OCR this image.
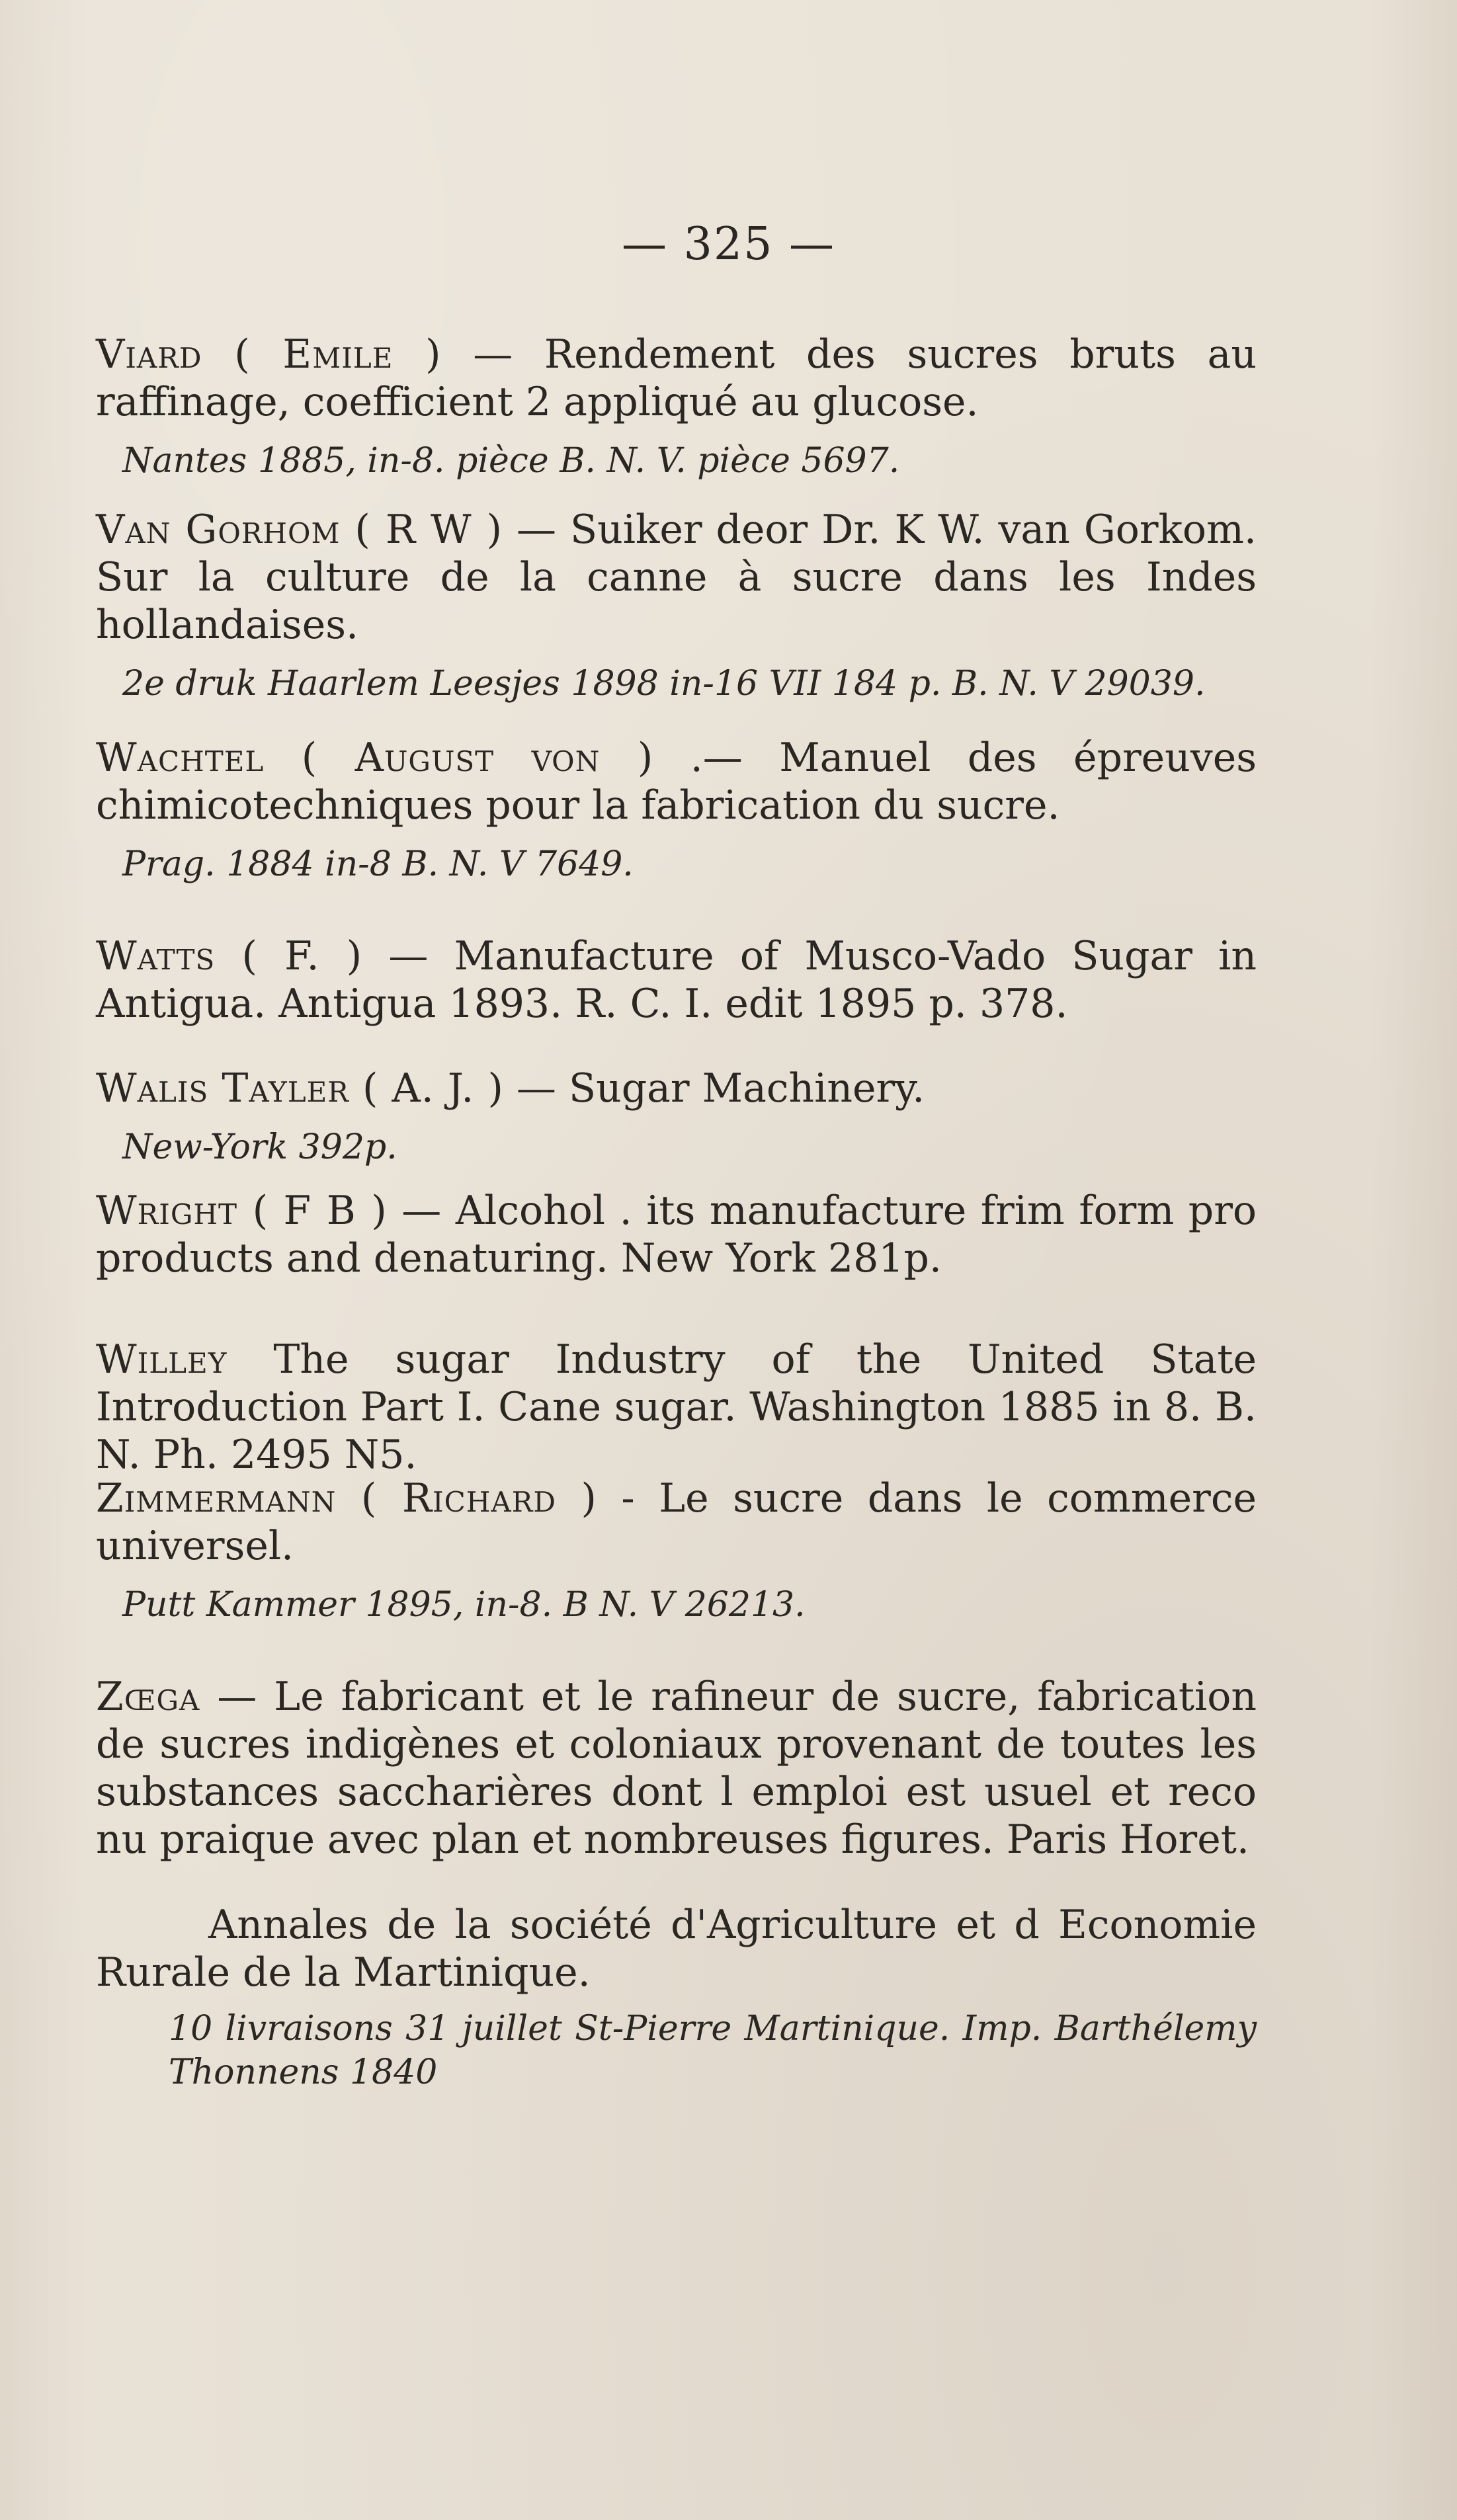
— 325 —

Viard ( Emile ) — Rendement des sucres bruts au raffinage, coefficient 2 appliqué au glucose.

Nantes 1885, in-8. pièce B. N. V. pièce 5697.

Van Gorhom ( R W ) — Suiker deor Dr. K W. van Gorkom. Sur la culture de la canne à sucre dans les Indes hollandaises.

2e druk Haarlem Leesjes 1898 in-16 VII 184 p. B. N. V 29039.

Wachtel ( August von ) .— Manuel des épreuves chimicotechniques pour la fabrication du sucre.

Prag. 1884 in-8 B. N. V 7649.

Watts ( F. ) — Manufacture of Musco-Vado Sugar in Antigua. Antigua 1893. R. C. I. edit 1895 p. 378.

Walis Tayler ( A. J. ) — Sugar Machinery.

New-York 392p.

Wright ( F B ) — Alcohol . its manufacture frim form pro products and denaturing. New York 281p.

Willey The sugar Industry of the United State Introduction Part I. Cane sugar. Washington 1885 in 8. B. N. Ph. 2495 N5.

Zimmermann ( Richard ) - Le sucre dans le commerce universel.

Putt Kammer 1895, in-8. B N. V 26213.

Zœga — Le fabricant et le rafineur de sucre, fabrication de sucres indigènes et coloniaux provenant de toutes les substances saccharières dont l emploi est usuel et reco nu praique avec plan et nombreuses figures. Paris Horet.

Annales de la société d'Agriculture et d Economie Rurale de la Martinique.

10 livraisons 31 juillet St-Pierre Martinique. Imp. Barthélemy Thonnens 1840
